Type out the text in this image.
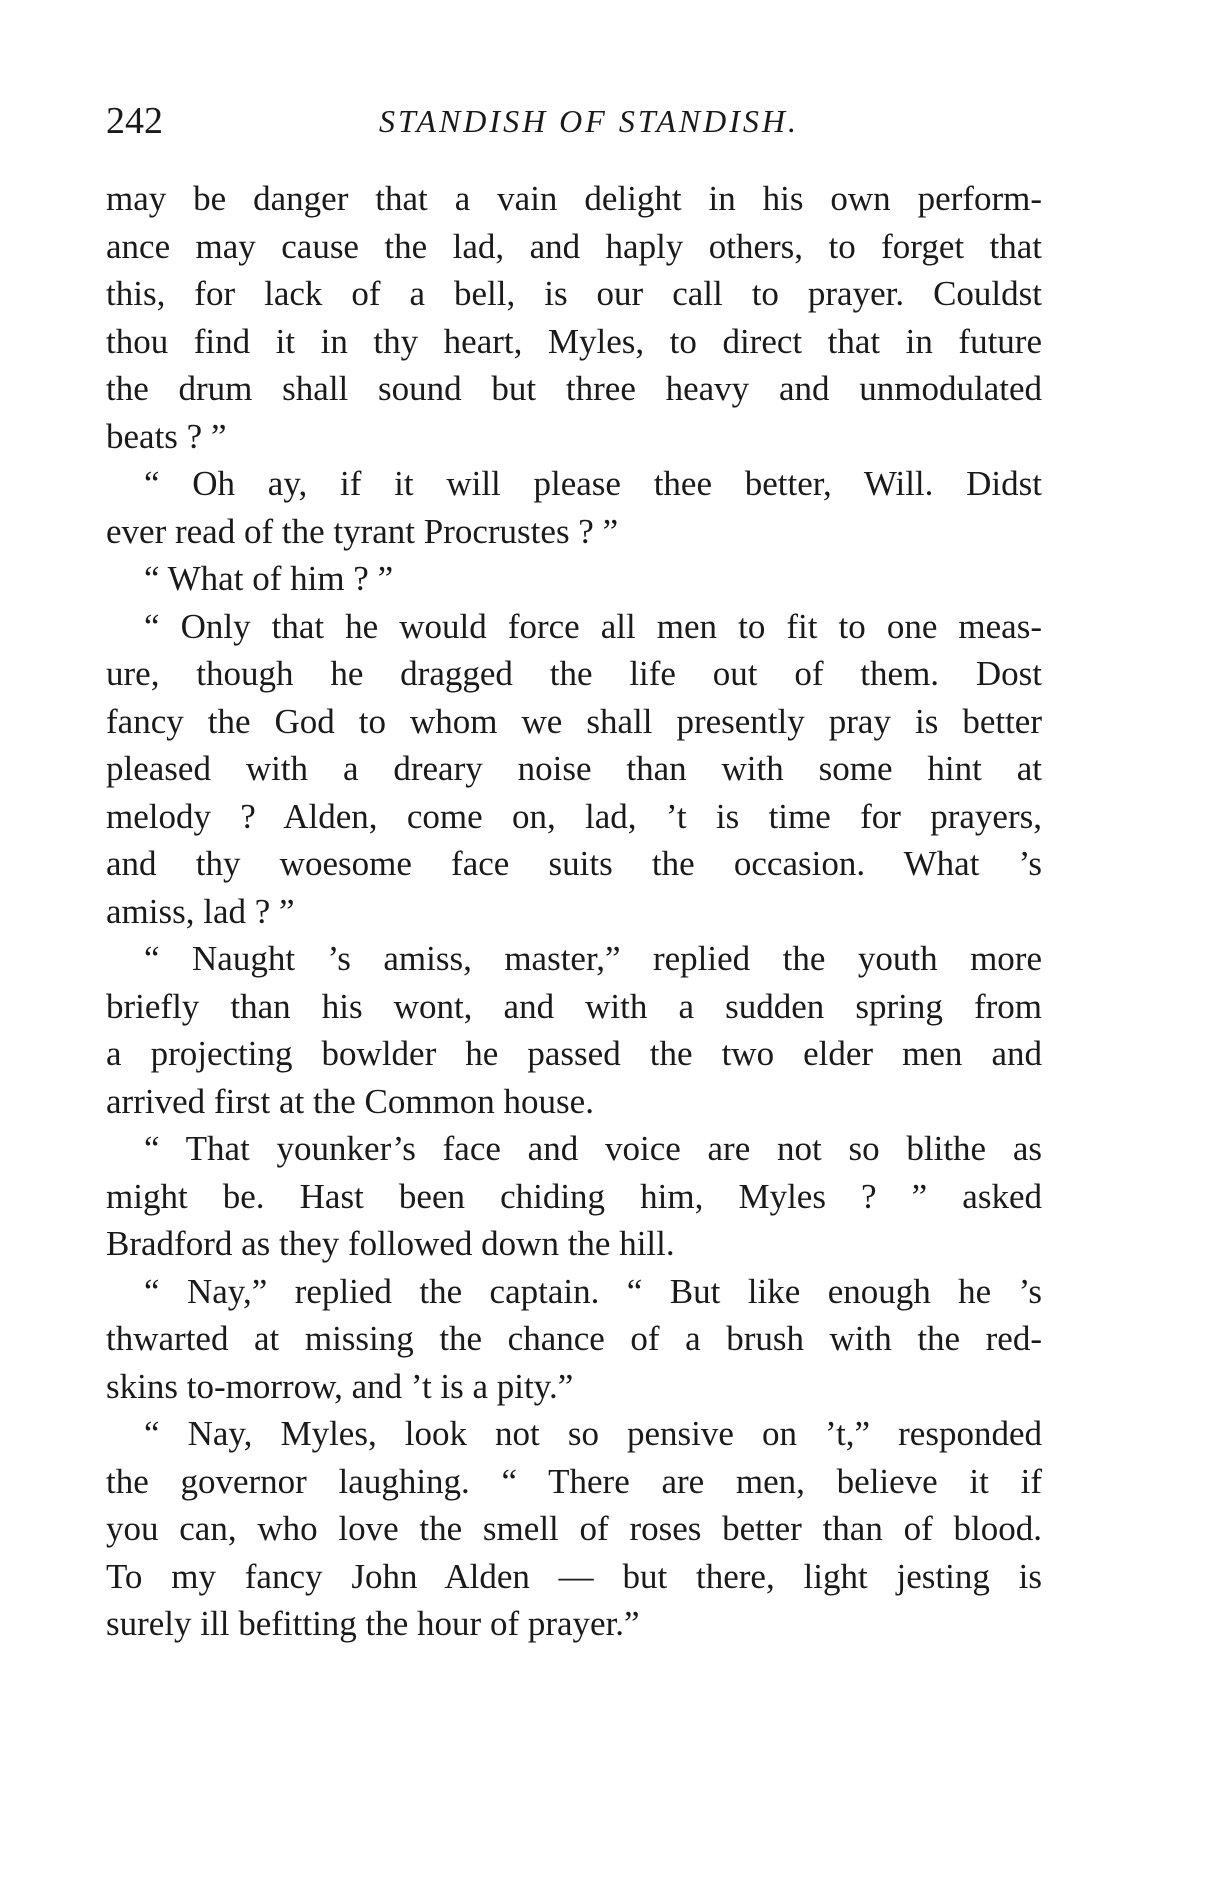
242	STANDISH OF STANDISH.
may be danger that a vain delight in his own perform-
ance may cause the lad, and haply others, to forget that
this, for lack of a bell, is our call to prayer. Couldst
thou find it in thy heart, Myles, to direct that in future
the drum shall sound but three heavy and unmodulated
beats ? ”
“ Oh ay, if it will please thee better, Will. Didst
ever read of the tyrant Procrustes ? ”
“ What of him ? ”
“ Only that he would force all men to fit to one meas-
ure, though he dragged the life out of them. Dost
fancy the God to whom we shall presently pray is better
pleased with a dreary noise than with some hint at
melody ? Alden, come on, lad, ’t is time for prayers,
and thy woesome face suits the occasion. What ’s
amiss, lad ? ”
“ Naught ’s amiss, master,” replied the youth more
briefly than his wont, and with a sudden spring from
a projecting bowlder he passed the two elder men and
arrived first at the Common house.
“ That younker’s face and voice are not so blithe as
might be. Hast been chiding him, Myles ? ” asked
Bradford as they followed down the hill.
“ Nay,” replied the captain. “ But like enough he ’s
thwarted at missing the chance of a brush with the red-
skins to-morrow, and ’t is a pity.”
“ Nay, Myles, look not so pensive on ’t,” responded
the governor laughing. “ There are men, believe it if
you can, who love the smell of roses better than of blood.
To my fancy John Alden — but there, light jesting is
surely ill befitting the hour of prayer.”
